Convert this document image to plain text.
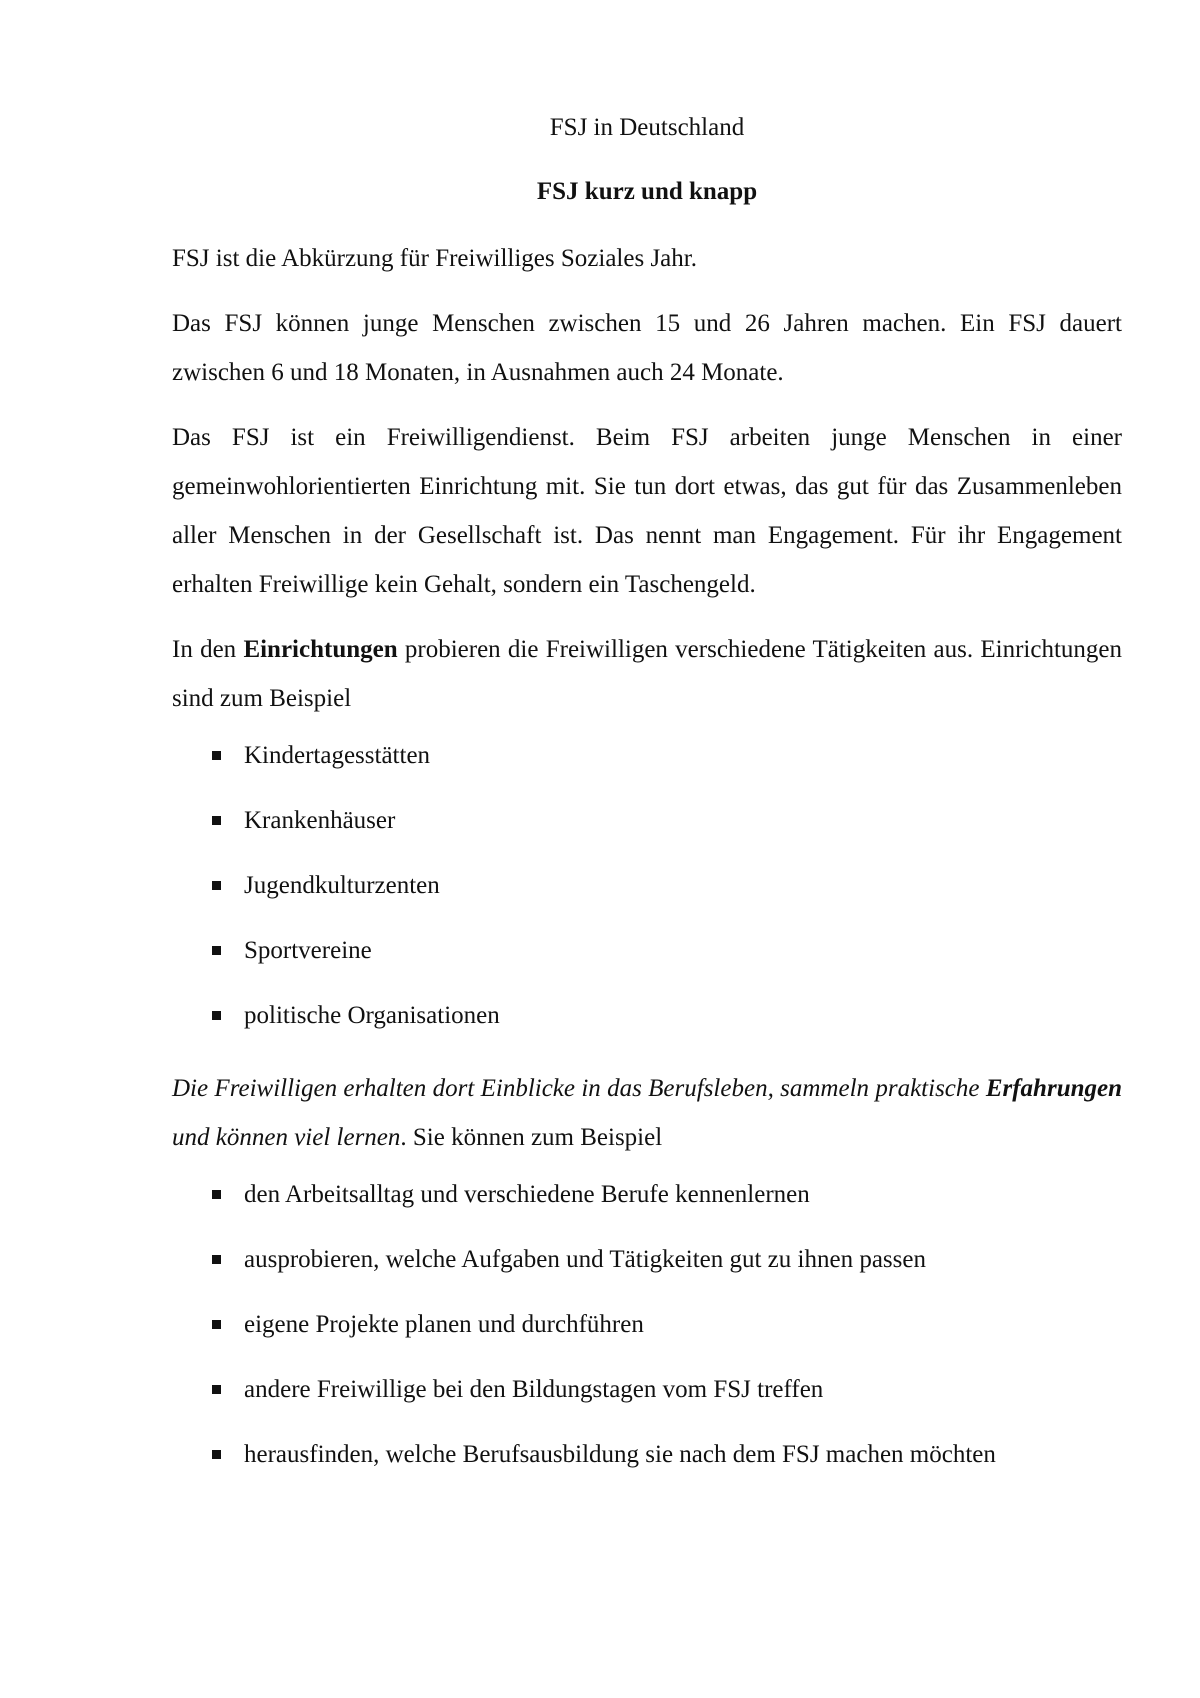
FSJ in Deutschland
FSJ kurz und knapp

FSJ ist die Abkürzung für Freiwilliges Soziales Jahr.

Das FSJ können junge Menschen zwischen 15 und 26 Jahren machen. Ein FSJ dauert zwischen 6 und 18 Monaten, in Ausnahmen auch 24 Monate.

Das FSJ ist ein Freiwilligendienst. Beim FSJ arbeiten junge Menschen in einer gemeinwohlorientierten Einrichtung mit. Sie tun dort etwas, das gut für das Zusammenleben aller Menschen in der Gesellschaft ist. Das nennt man Engagement. Für ihr Engagement erhalten Freiwillige kein Gehalt, sondern ein Taschengeld.

In den Einrichtungen probieren die Freiwilligen verschiedene Tätigkeiten aus. Einrichtungen sind zum Beispiel

Kindertagesstätten
Krankenhäuser
Jugendkulturzenten
Sportvereine
politische Organisationen

Die Freiwilligen erhalten dort Einblicke in das Berufsleben, sammeln praktische Erfahrungen und können viel lernen. Sie können zum Beispiel

den Arbeitsalltag und verschiedene Berufe kennenlernen
ausprobieren, welche Aufgaben und Tätigkeiten gut zu ihnen passen
eigene Projekte planen und durchführen
andere Freiwillige bei den Bildungstagen vom FSJ treffen
herausfinden, welche Berufsausbildung sie nach dem FSJ machen möchten
